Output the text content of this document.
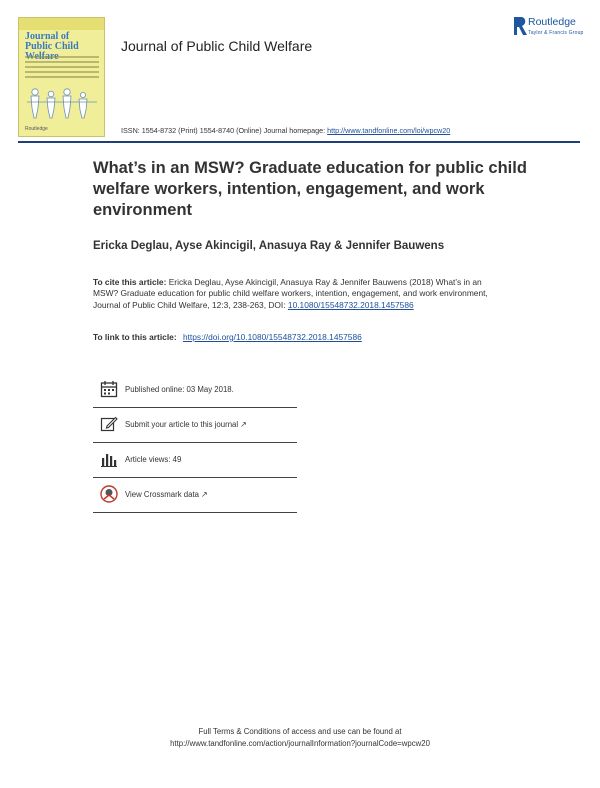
Journal of
Public Child
Routledge
Journal of Public Child Welfare
Routledge
Taylor & Francis Group
ISSN: 1554-8732 (Print) 1554-8740 (Online) Journal homepage: http://www.tandfonline.com/loi/wpcw20
What’s in an MSW? Graduate education for public child welfare workers, intention, engagement, and work environment
Ericka Deglau, Ayse Akincigil, Anasuya Ray & Jennifer Bauwens
To cite this article: Ericka Deglau, Ayse Akincigil, Anasuya Ray & Jennifer Bauwens (2018) What’s in an MSW? Graduate education for public child welfare workers, intention, engagement, and work environment, Journal of Public Child Welfare, 12:3, 238-263, DOI: 10.1080/15548732.2018.1457586
To link to this article: https://doi.org/10.1080/15548732.2018.1457586
Published online: 03 May 2018.
Submit your article to this journal ↗
Article views: 49
View Crossmark data ↗
Full Terms & Conditions of access and use can be found at
http://www.tandfonline.com/action/journalInformation?journalCode=wpcw20
